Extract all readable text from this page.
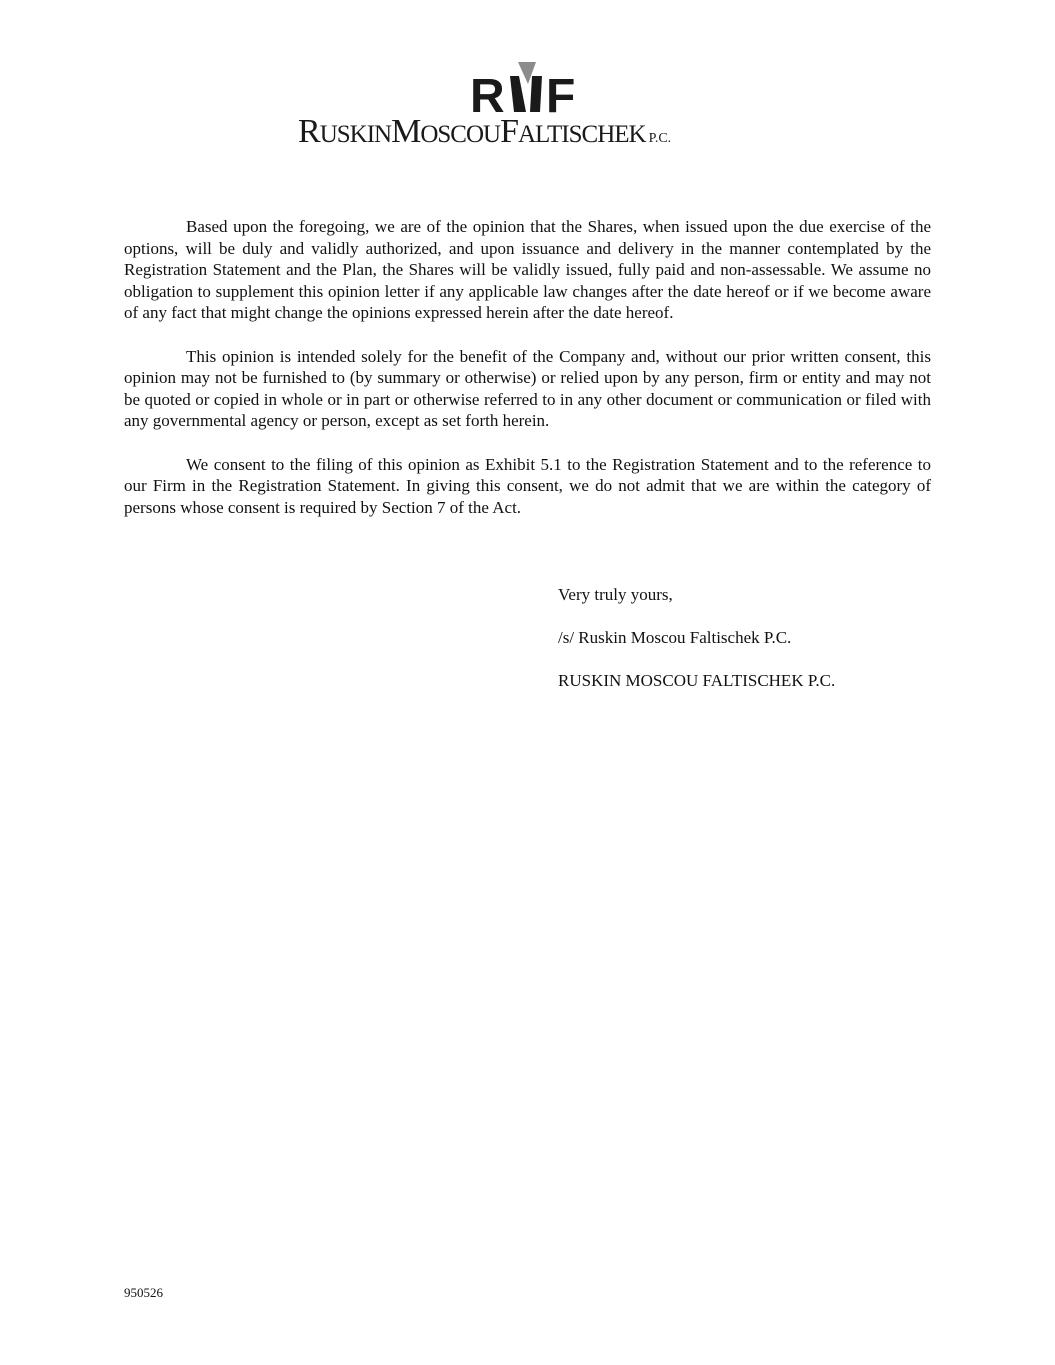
R F
RUSKINMOSCOUFALTISCHEK P.C.

Based upon the foregoing, we are of the opinion that the Shares, when issued upon the due exercise of the options, will be duly and validly authorized, and upon issuance and delivery in the manner contemplated by the Registration Statement and the Plan, the Shares will be validly issued, fully paid and non-assessable. We assume no obligation to supplement this opinion letter if any applicable law changes after the date hereof or if we become aware of any fact that might change the opinions expressed herein after the date hereof.

This opinion is intended solely for the benefit of the Company and, without our prior written consent, this opinion may not be furnished to (by summary or otherwise) or relied upon by any person, firm or entity and may not be quoted or copied in whole or in part or otherwise referred to in any other document or communication or filed with any governmental agency or person, except as set forth herein.

We consent to the filing of this opinion as Exhibit 5.1 to the Registration Statement and to the reference to our Firm in the Registration Statement. In giving this consent, we do not admit that we are within the category of persons whose consent is required by Section 7 of the Act.

Very truly yours,

/s/ Ruskin Moscou Faltischek P.C.

RUSKIN MOSCOU FALTISCHEK P.C.

950526
